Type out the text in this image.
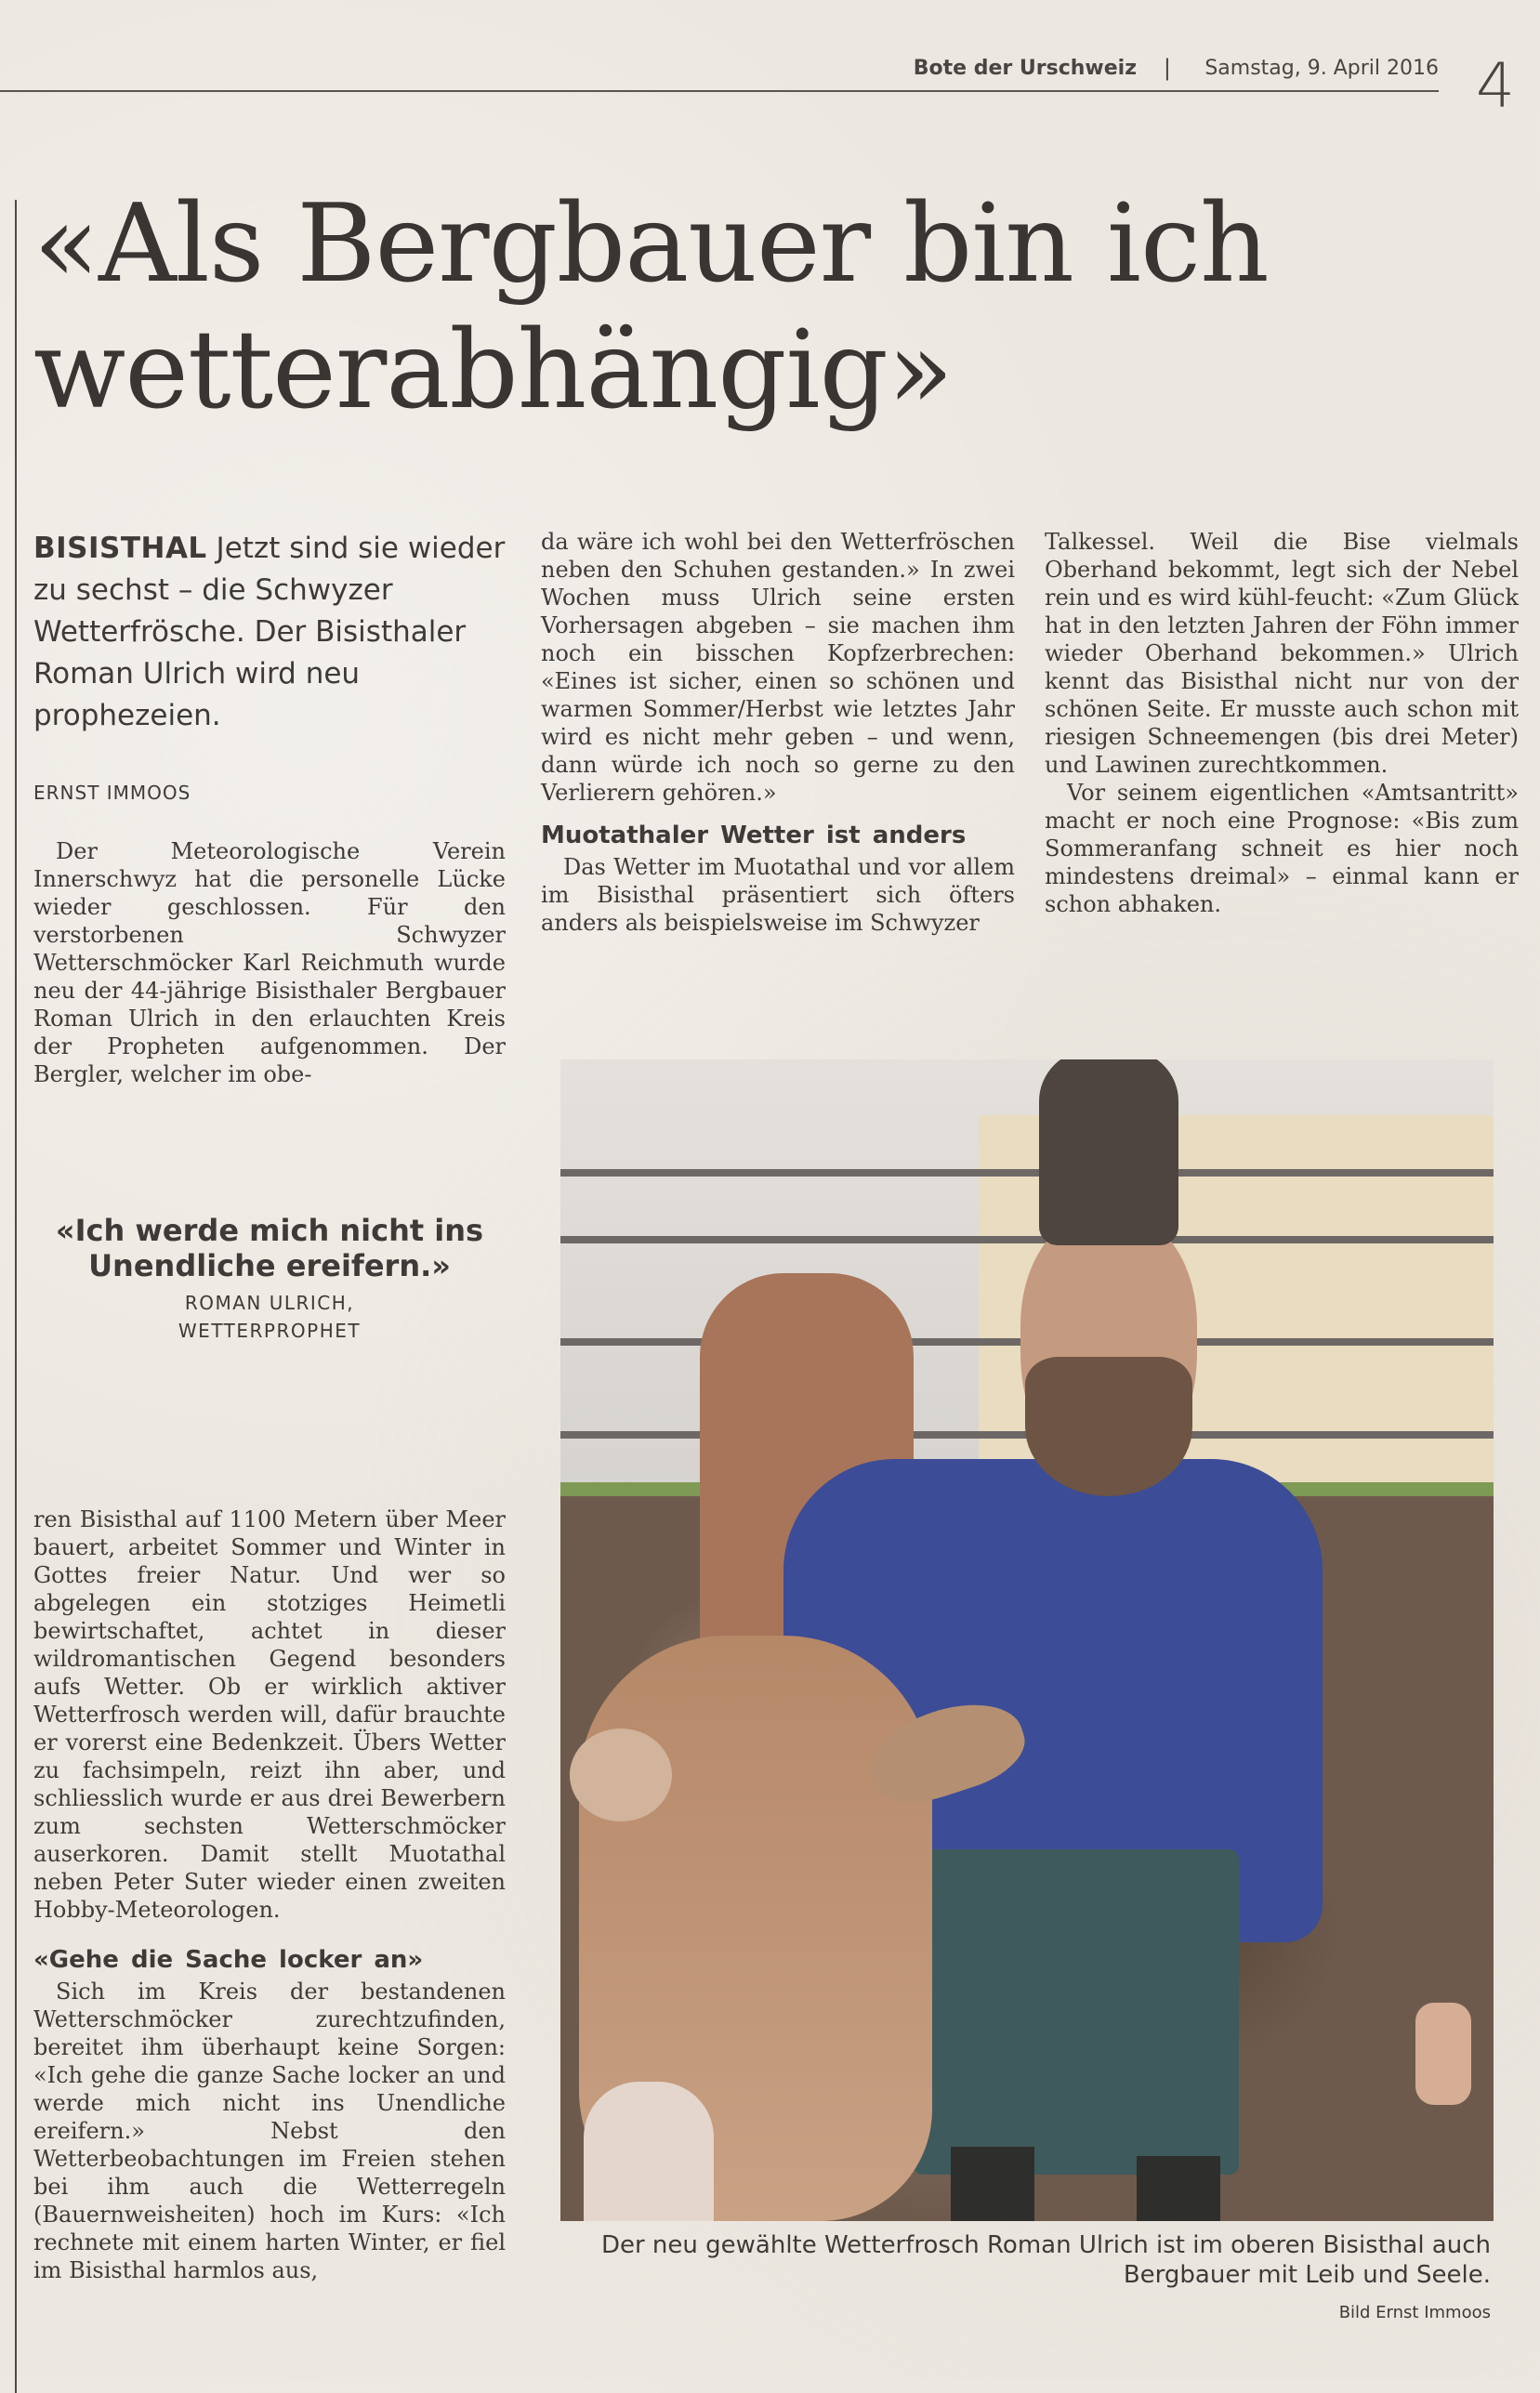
Bote der Urschweiz | Samstag, 9. April 2016 4
«Als Bergbauer bin ich wetterabhängig»

BISISTHAL Jetzt sind sie wieder zu sechst – die Schwyzer Wetterfrösche. Der Bisisthaler Roman Ulrich wird neu prophezeien.

ERNST IMMOOS

Der Meteorologische Verein Innerschwyz hat die personelle Lücke wieder geschlossen. Für den verstorbenen Schwyzer Wetterschmöcker Karl Reichmuth wurde neu der 44-jährige Bisisthaler Bergbauer Roman Ulrich in den erlauchten Kreis der Propheten aufgenommen. Der Bergler, welcher im obe-

«Ich werde mich nicht ins Unendliche ereifern.»
ROMAN ULRICH,
WETTERPROPHET

ren Bisisthal auf 1100 Metern über Meer bauert, arbeitet Sommer und Winter in Gottes freier Natur. Und wer so abgelegen ein stotziges Heimetli bewirtschaftet, achtet in dieser wildromantischen Gegend besonders aufs Wetter. Ob er wirklich aktiver Wetterfrosch werden will, dafür brauchte er vorerst eine Bedenkzeit. Übers Wetter zu fachsimpeln, reizt ihn aber, und schliesslich wurde er aus drei Bewerbern zum sechsten Wetterschmöcker auserkoren. Damit stellt Muotathal neben Peter Suter wieder einen zweiten Hobby-Meteorologen.

«Gehe die Sache locker an»

Sich im Kreis der bestandenen Wetterschmöcker zurechtzufinden, bereitet ihm überhaupt keine Sorgen: «Ich gehe die ganze Sache locker an und werde mich nicht ins Unendliche ereifern.» Nebst den Wetterbeobachtungen im Freien stehen bei ihm auch die Wetterregeln (Bauernweisheiten) hoch im Kurs: «Ich rechnete mit einem harten Winter, er fiel im Bisisthal harmlos aus,

da wäre ich wohl bei den Wetterfröschen neben den Schuhen gestanden.» In zwei Wochen muss Ulrich seine ersten Vorhersagen abgeben – sie machen ihm noch ein bisschen Kopfzerbrechen: «Eines ist sicher, einen so schönen und warmen Sommer/Herbst wie letztes Jahr wird es nicht mehr geben – und wenn, dann würde ich noch so gerne zu den Verlierern gehören.»

Muotathaler Wetter ist anders

Das Wetter im Muotathal und vor allem im Bisisthal präsentiert sich öfters anders als beispielsweise im Schwyzer

Talkessel. Weil die Bise vielmals Oberhand bekommt, legt sich der Nebel rein und es wird kühl-feucht: «Zum Glück hat in den letzten Jahren der Föhn immer wieder Oberhand bekommen.» Ulrich kennt das Bisisthal nicht nur von der schönen Seite. Er musste auch schon mit riesigen Schneemengen (bis drei Meter) und Lawinen zurechtkommen.

Vor seinem eigentlichen «Amtsantritt» macht er noch eine Prognose: «Bis zum Sommeranfang schneit es hier noch mindestens dreimal» – einmal kann er schon abhaken.

Der neu gewählte Wetterfrosch Roman Ulrich ist im oberen Bisisthal auch Bergbauer mit Leib und Seele.
Bild Ernst Immoos
